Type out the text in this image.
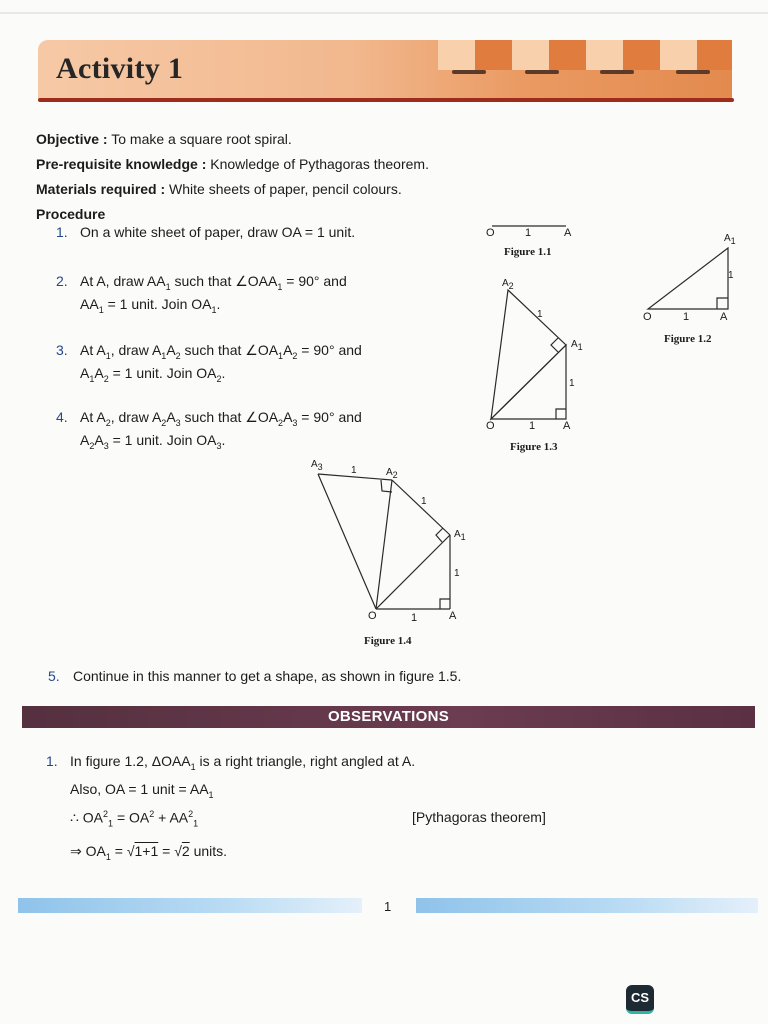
Activity 1
Objective : To make a square root spiral.
Pre-requisite knowledge : Knowledge of Pythagoras theorem.
Materials required : White sheets of paper, pencil colours.
Procedure
1. On a white sheet of paper, draw OA = 1 unit.
2. At A, draw $AA_1$ such that $\angle OAA_1 = 90^\circ$ and
$AA_1 = 1$ unit. Join $OA_1$.
3. At $A_1$, draw $A_1A_2$ such that $\angle OA_1A_2 = 90^\circ$ and
$A_1A_2 = 1$ unit. Join $OA_2$.
4. At $A_2$, draw $A_2A_3$ such that $\angle OA_2A_3 = 90^\circ$ and
$A_2A_3 = 1$ unit. Join $OA_3$.
5. Continue in this manner to get a shape, as shown in figure 1.5.
O	1	A
Figure 1.1
$A_1$
1
O	1	A
Figure 1.2
$A_2$
1
$A_1$
1
O	1	A
Figure 1.3
$A_3$	1	$A_2$
1
$A_1$
1
O	1	A
Figure 1.4
OBSERVATIONS
1. In figure 1.2, $\Delta OAA_1$ is a right triangle, right angled at A.
Also, OA = 1 unit = $AA_1$
∴ $OA^2_1 = OA^2 + AA^2_1$	[Pythagoras theorem]
⇒ $OA_1 = √1+1 = √2$ units.
1
CS
